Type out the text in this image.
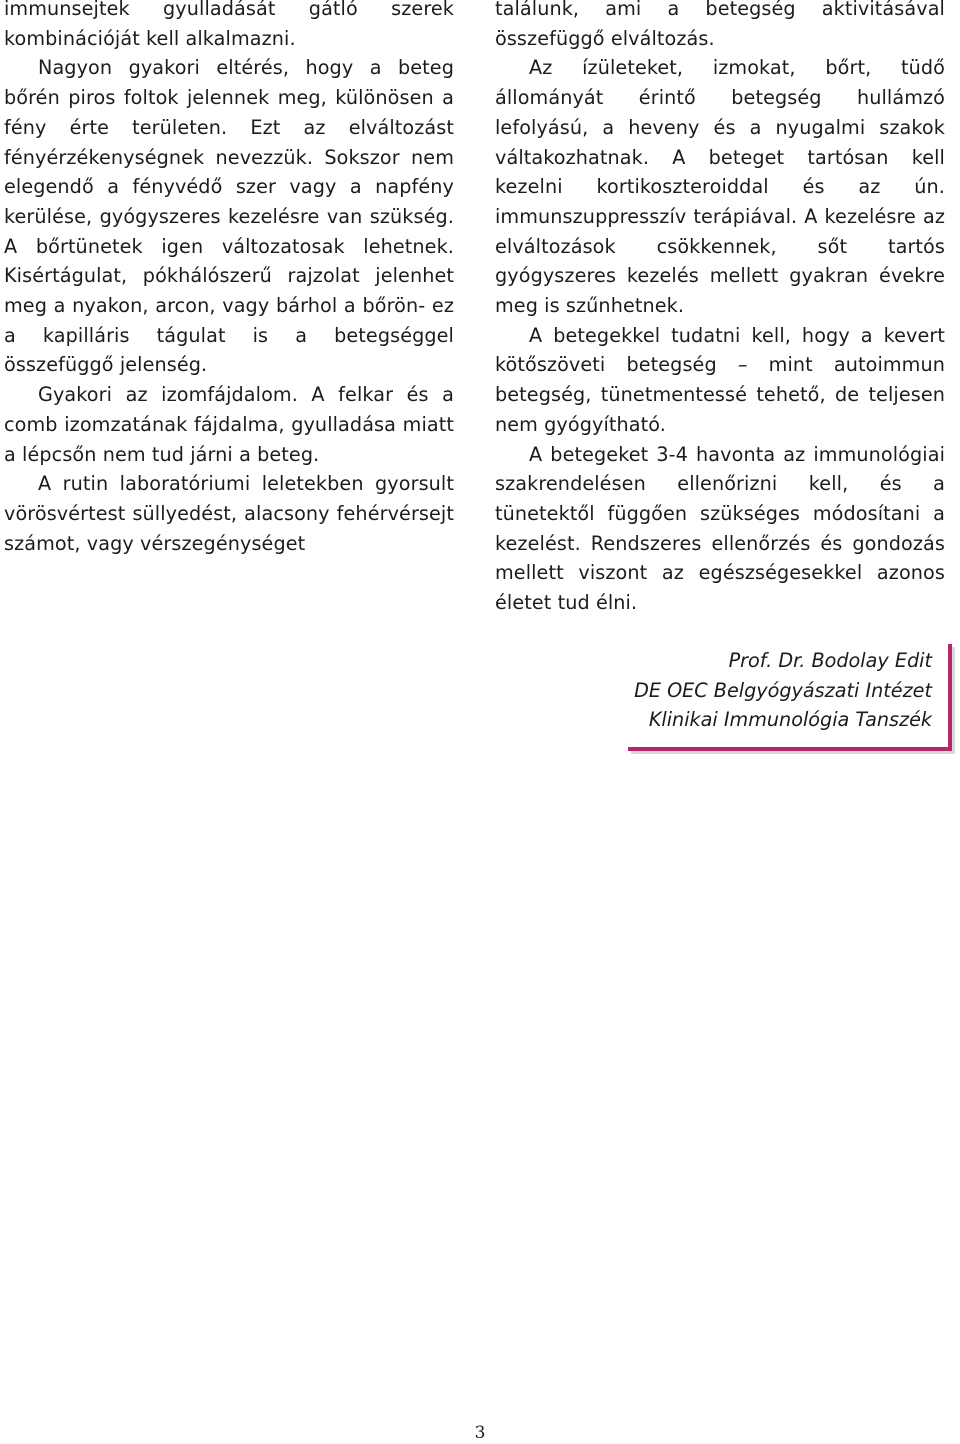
immunsejtek gyulladását gátló szerek kombinációját kell alkalmazni.

Nagyon gyakori eltérés, hogy a beteg bőrén piros foltok jelennek meg, különösen a fény érte területen. Ezt az elváltozást fényérzékenységnek nevezzük. Sokszor nem elegendő a fényvédő szer vagy a napfény kerülése, gyógyszeres kezelésre van szükség. A bőrtünetek igen változatosak lehetnek. Kisértágulat, pókhálószerű rajzolat jelenhet meg a nyakon, arcon, vagy bárhol a bőrön- ez a kapilláris tágulat is a betegséggel összefüggő jelenség.

Gyakori az izomfájdalom. A felkar és a comb izomzatának fájdalma, gyulladása miatt a lépcsőn nem tud járni a beteg.

A rutin laboratóriumi leletekben gyorsult vörösvértest süllyedést, alacsony fehérvérsejt számot, vagy vérszegénységet

találunk, ami a betegség aktivitásával összefüggő elváltozás.

Az ízületeket, izmokat, bőrt, tüdő állományát érintő betegség hullámzó lefolyású, a heveny és a nyugalmi szakok váltakozhatnak. A beteget tartósan kell kezelni kortikoszteroiddal és az ún. immunszuppresszív terápiával. A kezelésre az elváltozások csökkennek, sőt tartós gyógyszeres kezelés mellett gyakran évekre meg is szűnhetnek.

A betegekkel tudatni kell, hogy a kevert kötőszöveti betegség – mint autoimmun betegség, tünetmentessé tehető, de teljesen nem gyógyítható.

A betegeket 3-4 havonta az immunológiai szakrendelésen ellenőrizni kell, és a tünetektől függően szükséges módosítani a kezelést. Rendszeres ellenőrzés és gondozás mellett viszont az egészségesekkel azonos életet tud élni.

Prof. Dr. Bodolay Edit
DE OEC Belgyógyászati Intézet
Klinikai Immunológia Tanszék
3
